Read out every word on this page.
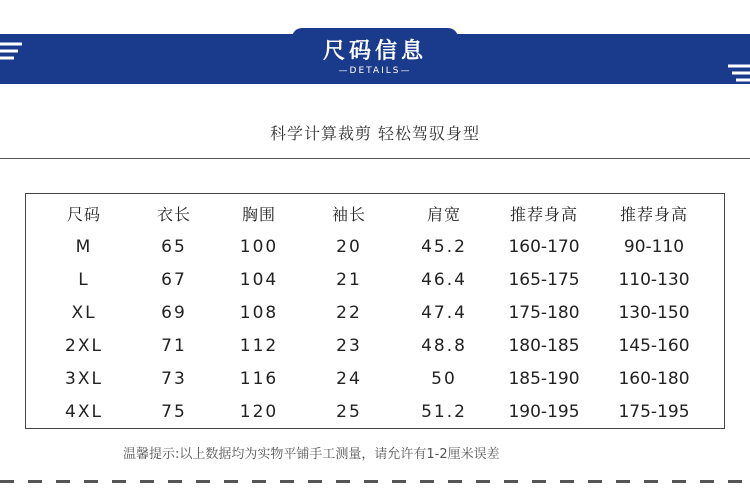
尺码信息
—DETAILS—
科学计算裁剪 轻松驾驭身型
尺码	衣长	胸围	袖长	肩宽	推荐身高	推荐身高
M	65	100	20	45.2	160-170	90-110
L	67	104	21	46.4	165-175	110-130
XL	69	108	22	47.4	175-180	130-150
2XL	71	112	23	48.8	180-185	145-160
3XL	73	116	24	50	185-190	160-180
4XL	75	120	25	51.2	190-195	175-195
温馨提示:以上数据均为实物平铺手工测量，请允许有1-2厘米误差
